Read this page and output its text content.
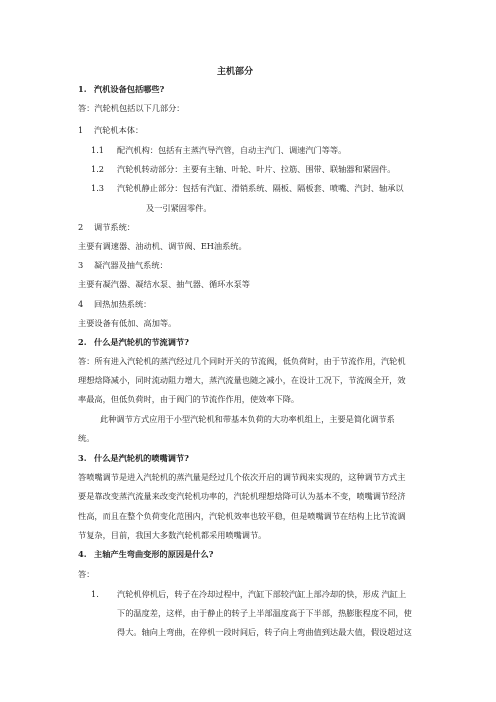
主机部分
1. 汽机设备包括哪些?
答：汽轮机包括以下几部分：
1 汽轮机本体：
1.1 配汽机构：包括有主蒸汽导汽管，自动主汽门、调速汽门等等。
1.2 汽轮机转动部分：主要有主轴、叶轮、叶片、拉筋、围带、联轴器和紧固件。
1.3 汽轮机静止部分：包括有汽缸、滑销系统、隔板、隔板套、喷嘴、汽封、轴承以
及一引紧固零件。
2 调节系统：
主要有调速器、油动机、调节阀、EH油系统。
3 凝汽器及抽气系统：
主要有凝汽器、凝结水泵、抽气器、循环水泵等
4 回热加热系统：
主要设备有低加、高加等。
2. 什么是汽轮机的节流调节?
答：所有进入汽轮机的蒸汽经过几个同时开关的节流阀，低负荷时，由于节流作用，汽轮机
理想焓降减小，同时流动阻力增大，蒸汽流量也随之减小，在设计工况下，节流阀全开，效
率最高，但低负荷时，由于阀门的节流作作用，使效率下降。
此种调节方式应用于小型汽轮机和带基本负荷的大功率机组上，主要是简化调节系
统。
3. 什么是汽轮机的喷嘴调节?
答喷嘴调节是进入汽轮机的蒸汽量是经过几个依次开启的调节阀来实现的，这种调节方式主
要是靠改变蒸汽流量来改变汽轮机功率的，汽轮机理想焓降可认为基本不变，喷嘴调节经济
性高，而且在整个负荷变化范围内，汽轮机效率也较平稳，但是喷嘴调节在结构上比节流调
节复杂，目前，我国大多数汽轮机都采用喷嘴调节。
4. 主轴产生弯曲变形的原因是什么?
答：
1. 汽轮机停机后，转子在冷却过程中，汽缸下部较汽缸上部冷却的快，形成 汽缸上
下的温度差，这样，由于静止的转子上半部温度高于下半部，热膨胀程度不同，使
得大。轴向上弯曲，在停机一段时间后，转子向上弯曲值到达最大值，假设超过这
